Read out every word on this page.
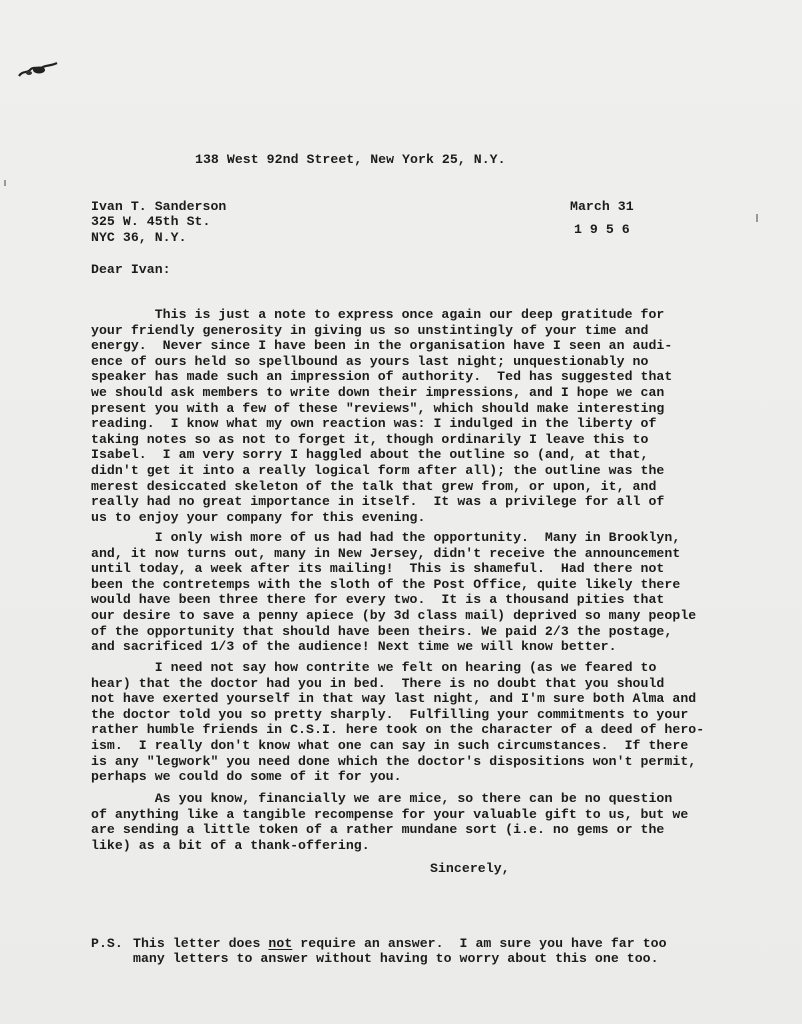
138 West 92nd Street, New York 25, N.Y.
Ivan T. Sanderson
325 W. 45th St.
NYC 36, N.Y.
March 31
1 9 5 6
Dear Ivan:
This is just a note to express once again our deep gratitude for
your friendly generosity in giving us so unstintingly of your time and
energy.  Never since I have been in the organisation have I seen an audi-
ence of ours held so spellbound as yours last night; unquestionably no
speaker has made such an impression of authority.  Ted has suggested that
we should ask members to write down their impressions, and I hope we can
present you with a few of these "reviews", which should make interesting
reading.  I know what my own reaction was: I indulged in the liberty of
taking notes so as not to forget it, though ordinarily I leave this to
Isabel.  I am very sorry I haggled about the outline so (and, at that,
didn't get it into a really logical form after all); the outline was the
merest desiccated skeleton of the talk that grew from, or upon, it, and
really had no great importance in itself.  It was a privilege for all of
us to enjoy your company for this evening.
I only wish more of us had had the opportunity.  Many in Brooklyn,
and, it now turns out, many in New Jersey, didn't receive the announcement
until today, a week after its mailing!  This is shameful.  Had there not
been the contretemps with the sloth of the Post Office, quite likely there
would have been three there for every two.  It is a thousand pities that
our desire to save a penny apiece (by 3d class mail) deprived so many people
of the opportunity that should have been theirs. We paid 2/3 the postage,
and sacrificed 1/3 of the audience! Next time we will know better.
I need not say how contrite we felt on hearing (as we feared to
hear) that the doctor had you in bed.  There is no doubt that you should
not have exerted yourself in that way last night, and I'm sure both Alma and
the doctor told you so pretty sharply.  Fulfilling your commitments to your
rather humble friends in C.S.I. here took on the character of a deed of hero-
ism.  I really don't know what one can say in such circumstances.  If there
is any "legwork" you need done which the doctor's dispositions won't permit,
perhaps we could do some of it for you.
As you know, financially we are mice, so there can be no question
of anything like a tangible recompense for your valuable gift to us, but we
are sending a little token of a rather mundane sort (i.e. no gems or the
like) as a bit of a thank-offering.
Sincerely,
P.S. This letter does not require an answer.  I am sure you have far too
many letters to answer without having to worry about this one too.
